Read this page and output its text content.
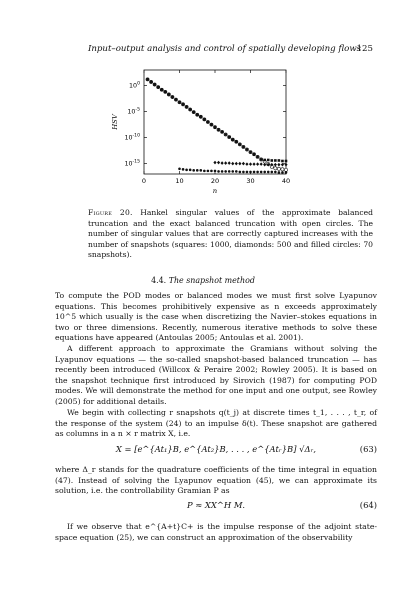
Input–output analysis and control of spatially developing flows
125
0	10	20	30	40
$10^0$
$10^{-5}$
$10^{-10}$
$10^{-15}$
n
HSV
Figure 20. Hankel singular values of the approximate balanced truncation and the exact balanced truncation with open circles. The number of singular values that are correctly captured increases with the number of snapshots (squares: 1000, diamonds: 500 and filled circles: 70 snapshots).
4.4. The snapshot method
To compute the POD modes or balanced modes we must first solve Lyapunov equations. This becomes prohibitively expensive as n exceeds approximately 10^5 which usually is the case when discretizing the Navier–stokes equations in two or three dimensions. Recently, numerous iterative methods to solve these equations have appeared (Antoulas 2005; Antoulas et al. 2001).
A different approach to approximate the Gramians without solving the Lyapunov equations — the so-called snapshot-based balanced truncation — has recently been introduced (Willcox & Peraire 2002; Rowley 2005). It is based on the snapshot technique first introduced by Sirovich (1987) for computing POD modes. We will demonstrate the method for one input and one output, see Rowley (2005) for additional details.
We begin with collecting r snapshots q(t_j) at discrete times t_1, . . . , t_r, of the response of the system (24) to an impulse δ(t). These snapshot are gathered as columns in a n × r matrix X, i.e.
X = [e^{At₁}B, e^{At₂}B, . . . , e^{Atᵣ}B] √Δᵣ,	(63)
where Δ_r stands for the quadrature coefficients of the time integral in equation (47). Instead of solving the Lyapunov equation (45), we can approximate its solution, i.e. the controllability Gramian P as
P ≈ XX^H M.	(64)
If we observe that e^{A+t}C+ is the impulse response of the adjoint state-space equation (25), we can construct an approximation of the observability
